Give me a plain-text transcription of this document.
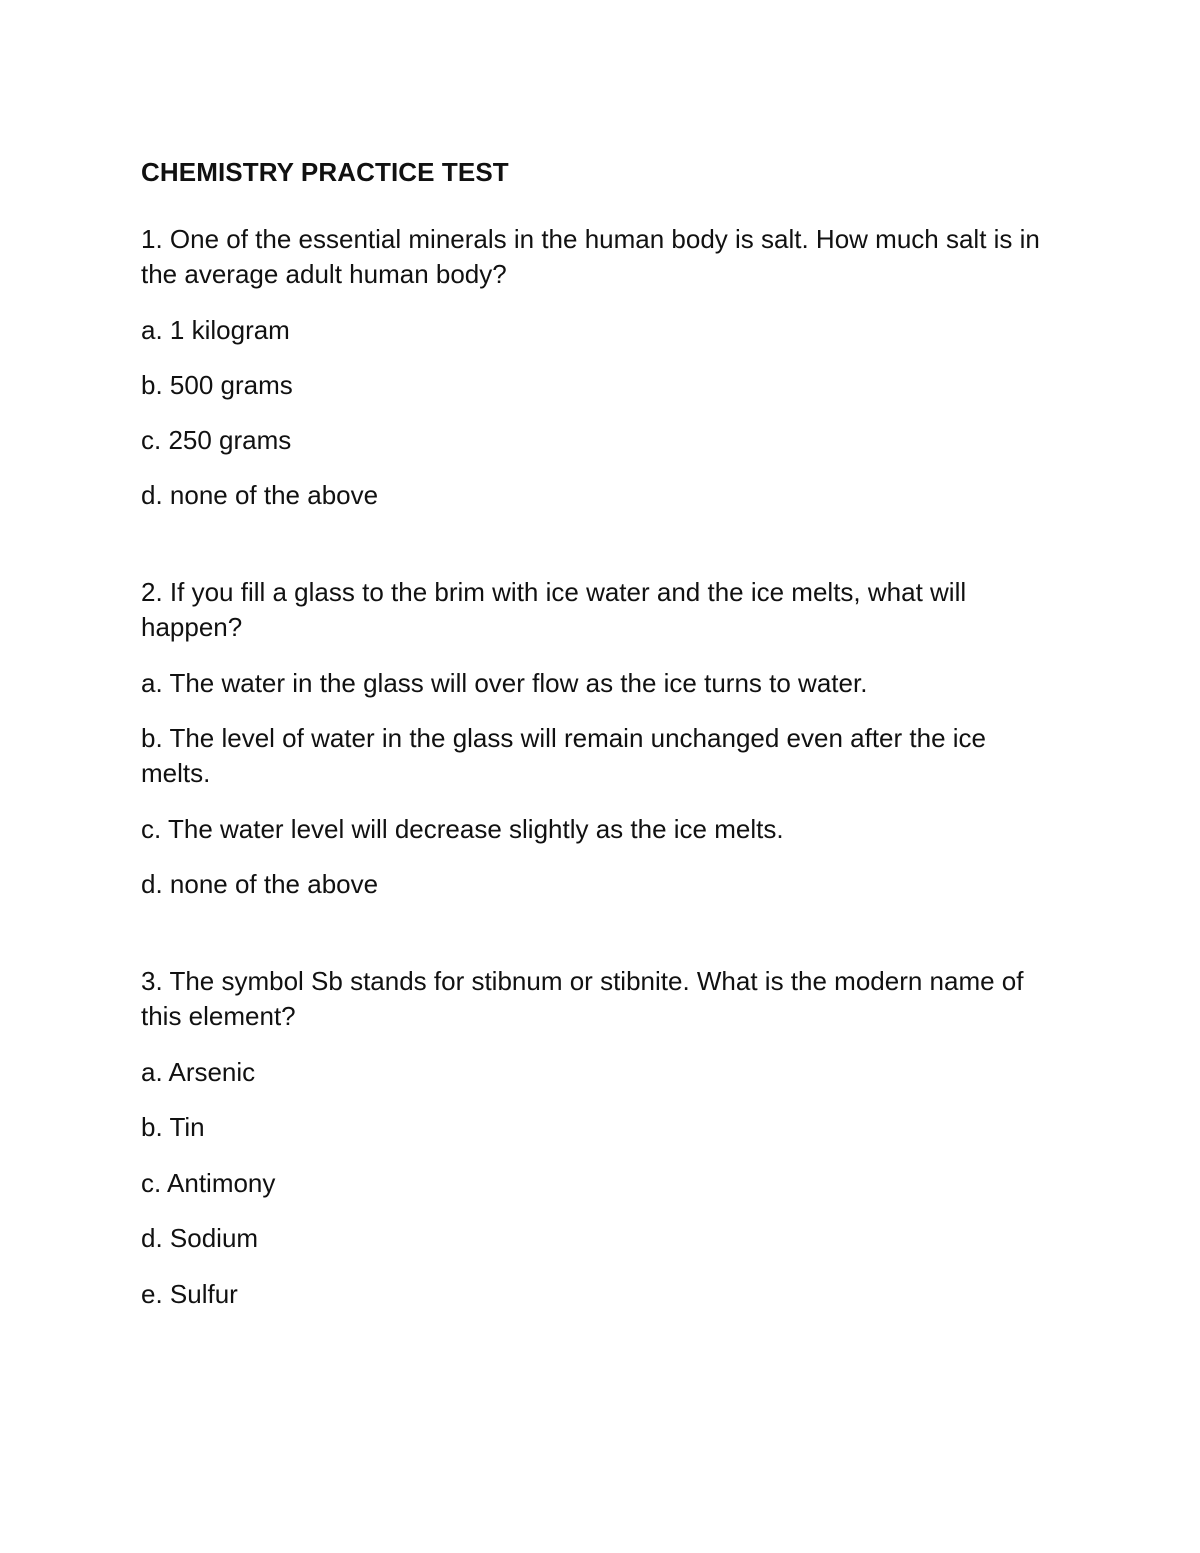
CHEMISTRY PRACTICE TEST

1. One of the essential minerals in the human body is salt. How much salt is in the average adult human body?

a. 1 kilogram

b. 500 grams

c. 250 grams

d. none of the above

2. If you fill a glass to the brim with ice water and the ice melts, what will happen?

a. The water in the glass will over flow as the ice turns to water.

b. The level of water in the glass will remain unchanged even after the ice melts.

c. The water level will decrease slightly as the ice melts.

d. none of the above

3. The symbol Sb stands for stibnum or stibnite. What is the modern name of this element?

a. Arsenic

b. Tin

c. Antimony

d. Sodium

e. Sulfur
